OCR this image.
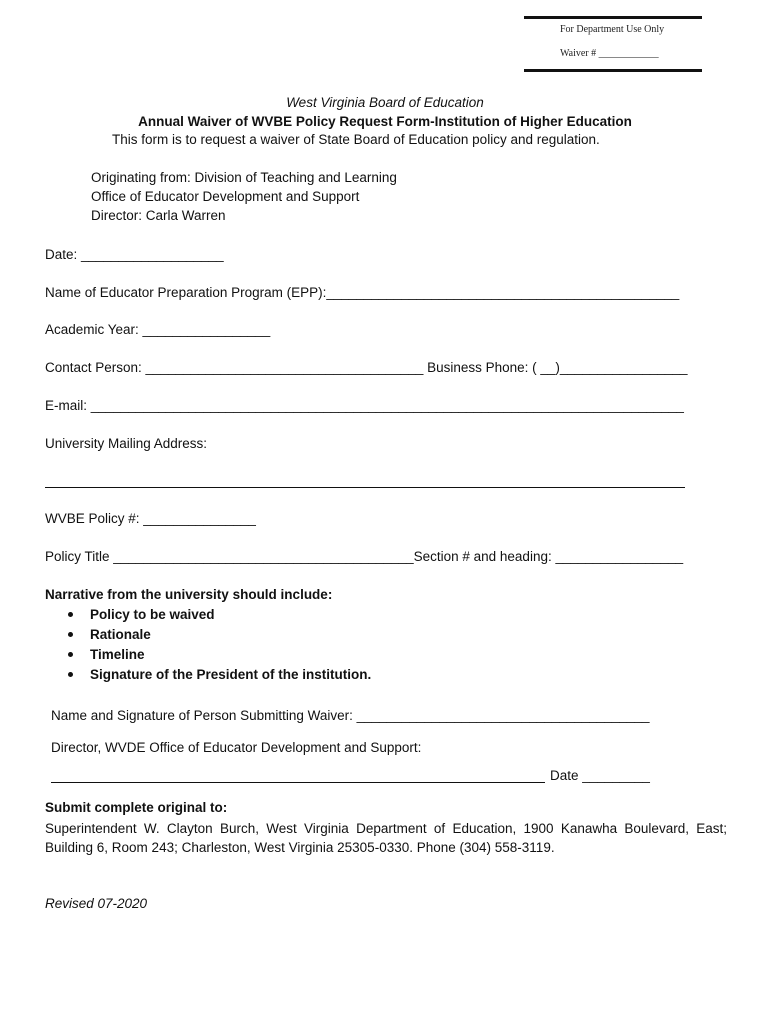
For Department Use Only
Waiver # ____________
West Virginia Board of Education
Annual Waiver of WVBE Policy Request Form-Institution of Higher Education
This form is to request a waiver of State Board of Education policy and regulation.
Originating from: Division of Teaching and Learning
Office of Educator Development and Support
Director: Carla Warren
Date: ___________________
Name of Educator Preparation Program (EPP):_______________________________________________
Academic Year: _________________
Contact Person: _____________________________________ Business Phone: ( __)_________________
E-mail: _______________________________________________________________________________
University Mailing Address:
WVBE Policy #: _______________
Policy Title ________________________________________Section # and heading: _________________
Narrative from the university should include:
Policy to be waived
Rationale
Timeline
Signature of the President of the institution.
Name and Signature of Person Submitting Waiver: _______________________________________
Director, WVDE Office of Educator Development and Support:
Date _________
Submit complete original to:
Superintendent W. Clayton Burch, West Virginia Department of Education, 1900 Kanawha Boulevard, East; Building 6, Room 243; Charleston, West Virginia 25305-0330. Phone (304) 558-3119.
Revised 07-2020
